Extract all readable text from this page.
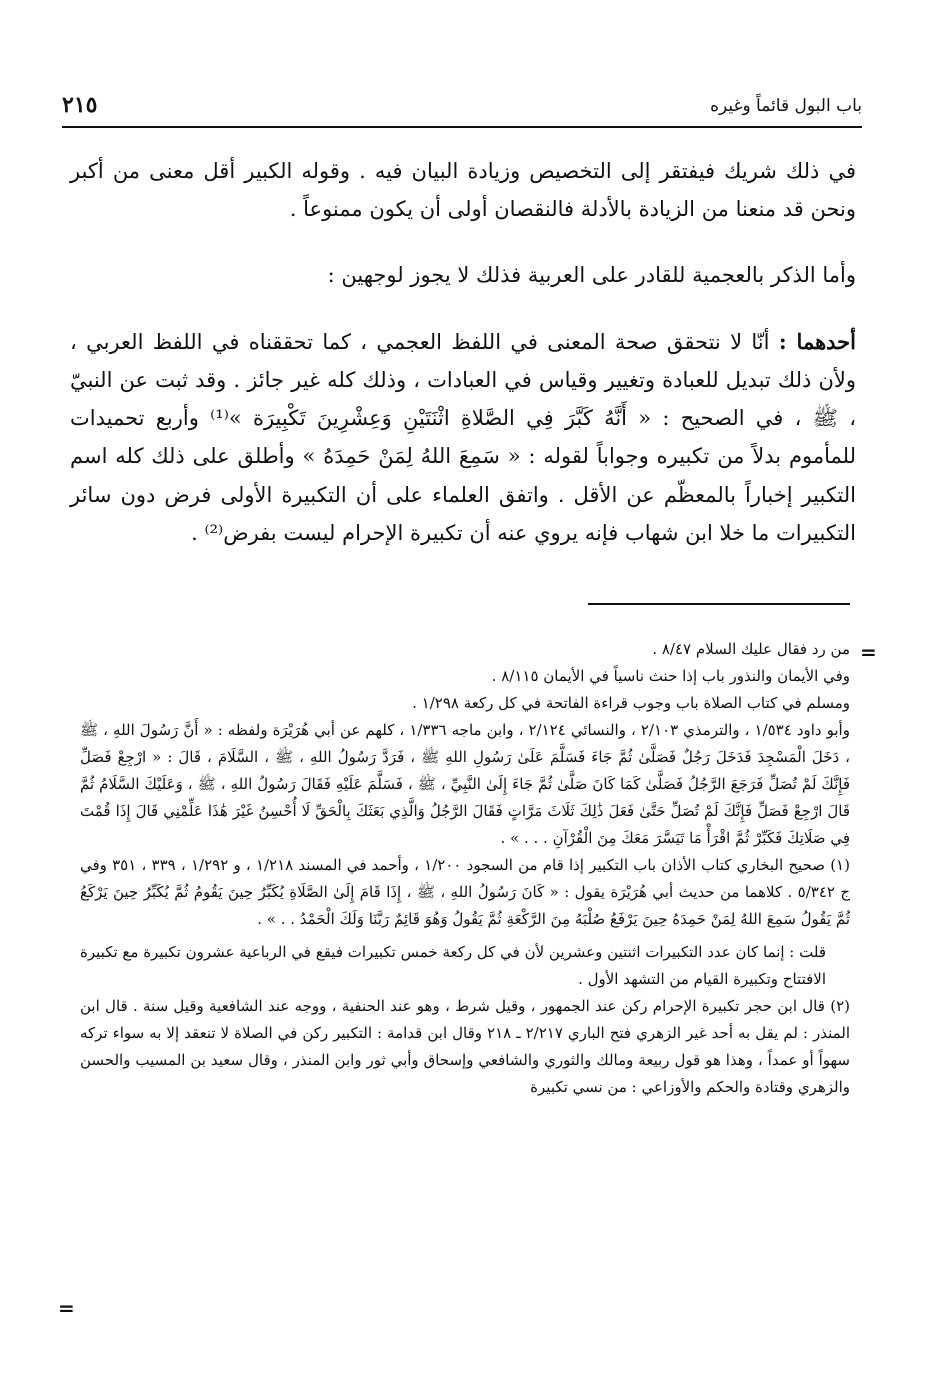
٢١٥	باب البول قائماً وغيره

في ذلك شريك فيفتقر إلى التخصيص وزيادة البيان فيه . وقوله الكبير أقل معنى من أكبر ونحن قد منعنا من الزيادة بالأدلة فالنقصان أولى أن يكون ممنوعاً .

وأما الذكر بالعجمية للقادر على العربية فذلك لا يجوز لوجهين :

أحدهما : أنّا لا نتحقق صحة المعنى في اللفظ العجمي ، كما تحققناه في اللفظ العربي ، ولأن ذلك تبديل للعبادة وتغيير وقياس في العبادات ، وذلك كله غير جائز . وقد ثبت عن النبيّ ، ﷺ ، في الصحيح : « أَنَّهُ كَبَّرَ فِي الصَّلاةِ اثْنَتَيْنِ وَعِشْرِينَ تَكْبِيرَة »⁽¹⁾ وأربع تحميدات للمأموم بدلاً من تكبيره وجواباً لقوله : « سَمِعَ اللهُ لِمَنْ حَمِدَهُ » وأطلق على ذلك كله اسم التكبير إخباراً بالمعظّم عن الأقل . واتفق العلماء على أن التكبيرة الأولى فرض دون سائر التكبيرات ما خلا ابن شهاب فإنه يروي عنه أن تكبيرة الإحرام ليست بفرض⁽²⁾ .

=

من رد فقال عليك السلام ٨/٤٧ .

وفي الأيمان والنذور باب إذا حنث ناسياً في الأيمان ٨/١١٥ .

ومسلم في كتاب الصلاة باب وجوب قراءة الفاتحة في كل ركعة ١/٢٩٨ .

وأبو داود ١/٥٣٤ ، والترمذي ٢/١٠٣ ، والنسائي ٢/١٢٤ ، وابن ماجه ١/٣٣٦ ، كلهم عن أبي هُرَيْرَة ولفظه : « أَنَّ رَسُولَ اللهِ ، ﷺ ، دَخَلَ الْمَسْجِدَ فَدَخَلَ رَجُلٌ فَصَلَّىٰ ثُمَّ جَاءَ فَسَلَّمَ عَلَىٰ رَسُولِ اللهِ ﷺ ، فَرَدَّ رَسُولُ اللهِ ، ﷺ ، السَّلَامَ ، قَالَ : « ارْجِعْ فَصَلِّ فَإِنَّكَ لَمْ تُصَلِّ فَرَجَعَ الرَّجُلُ فَصَلَّىٰ كَمَا كَانَ صَلَّىٰ ثُمَّ جَاءَ إِلَىٰ النَّبِيِّ ، ﷺ ، فَسَلَّمَ عَلَيْهِ فَقَالَ رَسُولُ اللهِ ، ﷺ ، وَعَلَيْكَ السَّلَامُ ثُمَّ قَالَ ارْجِعْ فَصَلِّ فَإِنَّكَ لَمْ تُصَلِّ حَتَّىٰ فَعَلَ ذَٰلِكَ ثَلَاثَ مَرَّاتٍ فَقَالَ الرَّجُلُ وَالَّذِي بَعَثَكَ بِالْحَقِّ لَا أُحْسِنُ غَيْرَ هَٰذَا عَلِّمْنِي قَالَ إِذَا قُمْتَ فِي صَلَاتِكَ فَكَبِّرْ ثُمَّ اقْرَأْ مَا تَيَسَّرَ مَعَكَ مِنَ الْقُرْآنِ . . . » .

(١) صحيح البخاري كتاب الأذان باب التكبير إذا قام من السجود ١/٢٠٠ ، وأحمد في المسند ١/٢١٨ ، و ١/٢٩٢ ، ٣٣٩ ، ٣٥١ وفي ج ٥/٣٤٢ . كلاهما من حديث أبي هُرَيْرَة يقول : « كَانَ رَسُولُ اللهِ ، ﷺ ، إِذَا قَامَ إِلَىٰ الصَّلَاةِ يُكَبِّرُ حِينَ يَقُومُ ثُمَّ يُكَبِّرُ حِينَ يَرْكَعُ ثُمَّ يَقُولُ سَمِعَ اللهُ لِمَنْ حَمِدَهُ حِينَ يَرْفَعُ صُلْبَهُ مِنَ الرَّكْعَةِ ثُمَّ يَقُولُ وَهُوَ قَائِمٌ رَبَّنَا وَلَكَ الْحَمْدُ . . » .

قلت : إنما كان عدد التكبيرات اثنتين وعشرين لأن في كل ركعة خمس تكبيرات فيقع في الرباعية عشرون تكبيرة مع تكبيرة الافتتاح وتكبيرة القيام من التشهد الأول .

(٢) قال ابن حجر تكبيرة الإحرام ركن عند الجمهور ، وقيل شرط ، وهو عند الحنفية ، ووجه عند الشافعية وقيل سنة . قال ابن المنذر : لم يقل به أحد غير الزهري فتح الباري ٢/٢١٧ ـ ٢١٨ وقال ابن قدامة : التكبير ركن في الصلاة لا تنعقد إلا به سواء تركه سهواً أو عمداً ، وهذا هو قول ربيعة ومالك والثوري والشافعي وإسحاق وأبي ثور وابن المنذر ، وقال سعيد بن المسيب والحسن والزهري وقتادة والحكم والأوزاعي : من نسي تكبيرة

=
